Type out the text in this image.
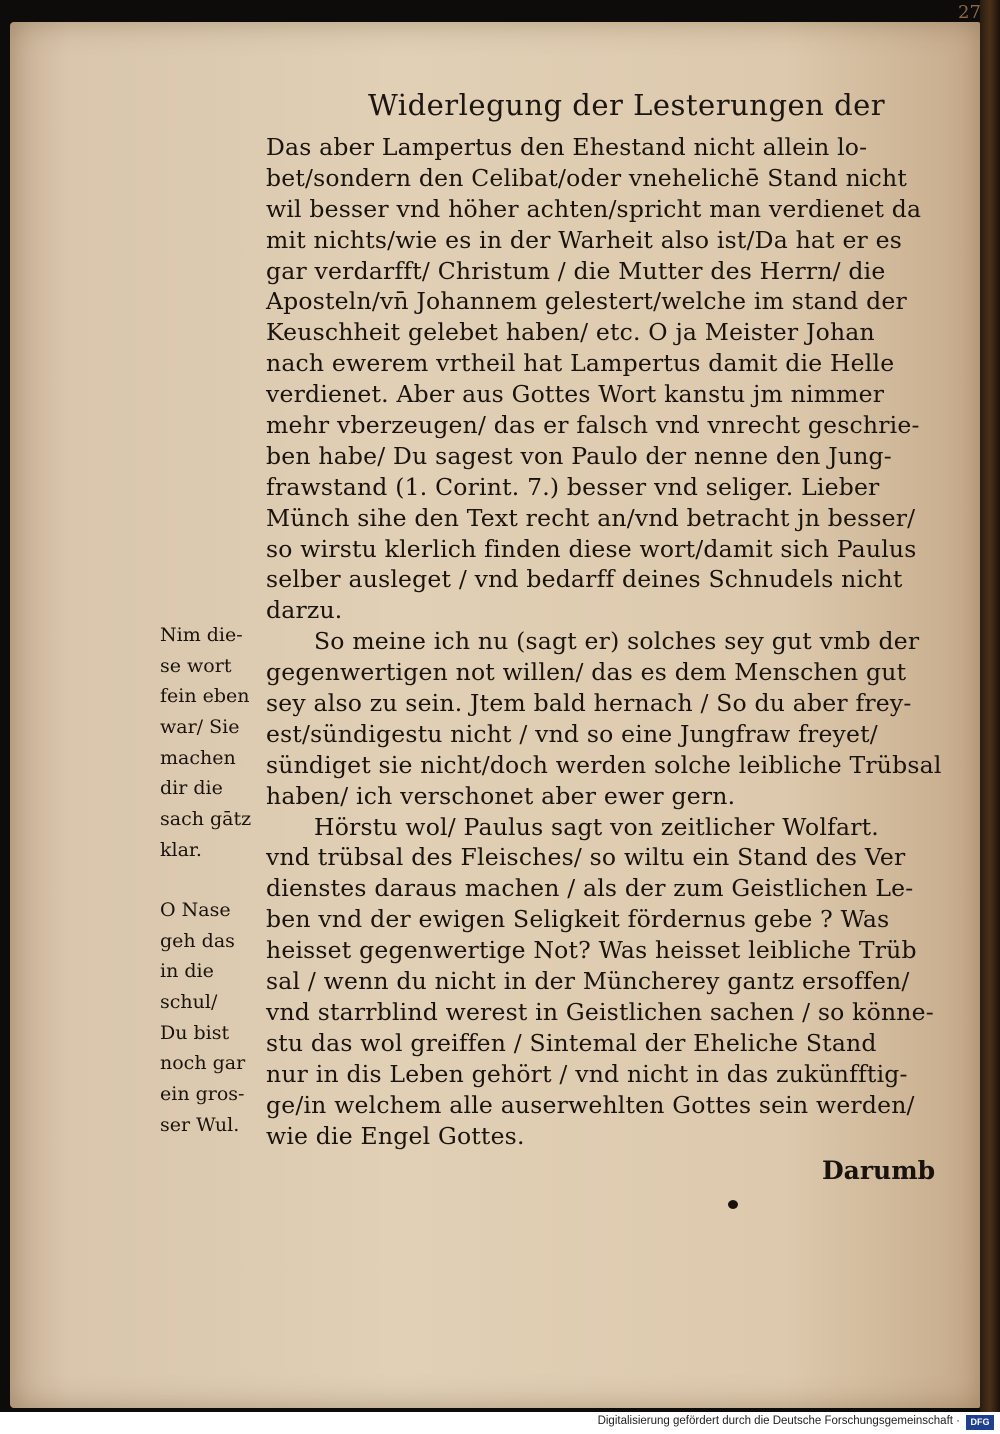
27
Widerlegung der Lesterungen der
Das aber Lampertus den Ehestand nicht allein lo-
bet/sondern den Celibat/oder vnehelichē Stand nicht
wil besser vnd höher achten/spricht man verdienet da
mit nichts/wie es in der Warheit also ist/Da hat er es
gar verdarfft/ Christum / die Mutter des Herrn/ die
Aposteln/vn̄ Johannem gelestert/welche im stand der
Keuschheit gelebet haben/ etc. O ja Meister Johan
nach ewerem vrtheil hat Lampertus damit die Helle
verdienet. Aber aus Gottes Wort kanstu jm nimmer
mehr vberzeugen/ das er falsch vnd vnrecht geschrie-
ben habe/ Du sagest von Paulo der nenne den Jung-
frawstand (1. Corint. 7.) besser vnd seliger. Lieber
Münch sihe den Text recht an/vnd betracht jn besser/
so wirstu klerlich finden diese wort/damit sich Paulus
selber ausleget / vnd bedarff deines Schnudels nicht
darzu.
So meine ich nu (sagt er) solches sey gut vmb der
gegenwertigen not willen/ das es dem Menschen gut
sey also zu sein. Jtem bald hernach / So du aber frey-
est/sündigestu nicht / vnd so eine Jungfraw freyet/
sündiget sie nicht/doch werden solche leibliche Trübsal
haben/ ich verschonet aber ewer gern.
Hörstu wol/ Paulus sagt von zeitlicher Wolfart.
vnd trübsal des Fleisches/ so wiltu ein Stand des Ver
dienstes daraus machen / als der zum Geistlichen Le-
ben vnd der ewigen Seligkeit fördernus gebe ? Was
heisset gegenwertige Not? Was heisset leibliche Trüb
sal / wenn du nicht in der Müncherey gantz ersoffen/
vnd starrblind werest in Geistlichen sachen / so könne-
stu das wol greiffen / Sintemal der Eheliche Stand
nur in dis Leben gehört / vnd nicht in das zukünfftig-
ge/in welchem alle auserwehlten Gottes sein werden/
wie die Engel Gottes.
Nim die-
se wort
fein eben
war/ Sie
machen
dir die
sach gātz
klar.
O Nase
geh das
in die
schul/
Du bist
noch gar
ein gros-
ser Wul.
Darumb
Digitalisierung gefördert durch die Deutsche Forschungsgemeinschaft ·	DFG
